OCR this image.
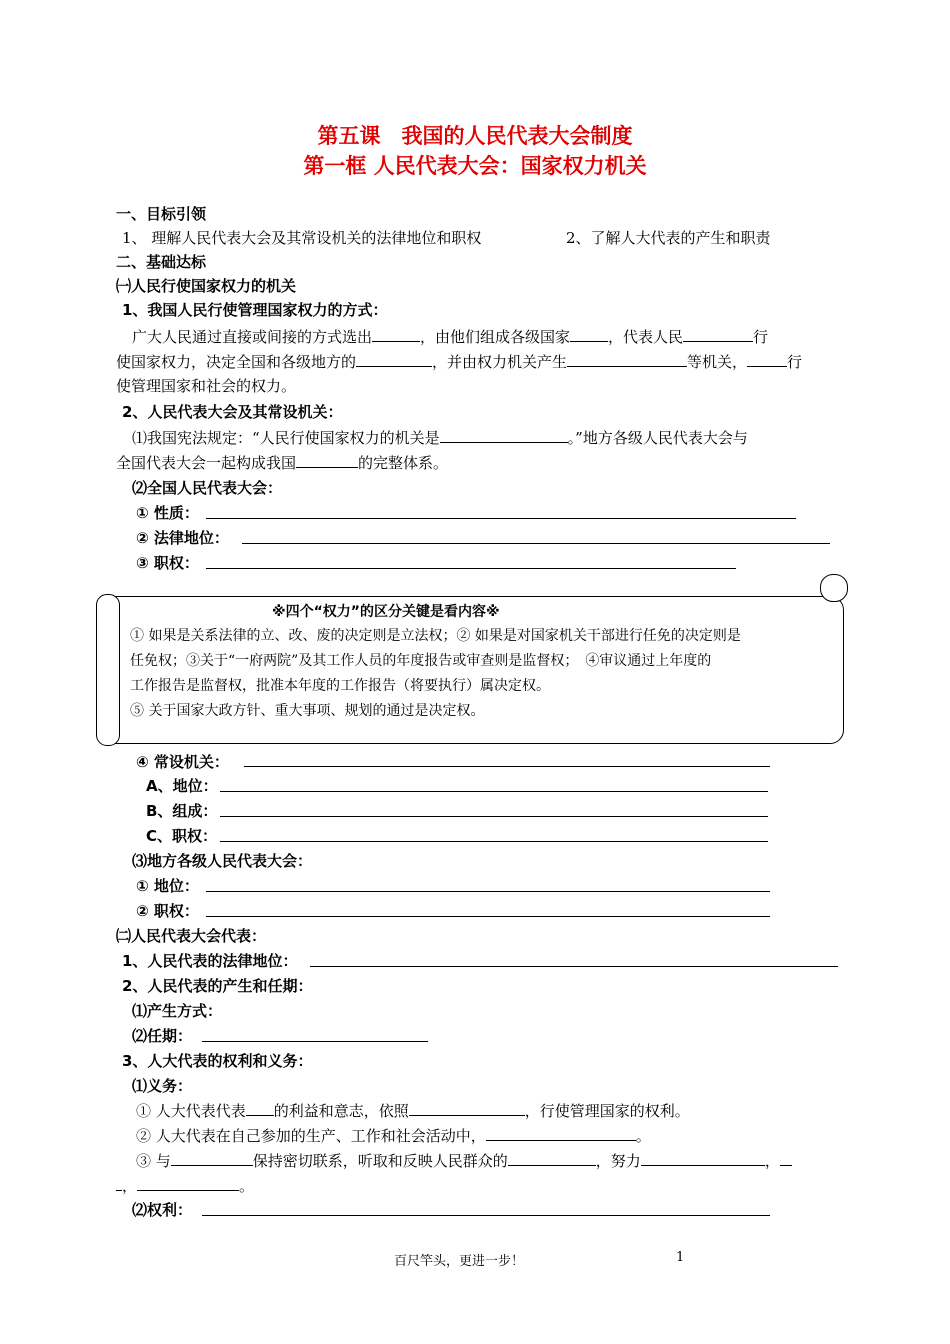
第五课　我国的人民代表大会制度
第一框 人民代表大会：国家权力机关
一、目标引领
1、 理解人民代表大会及其常设机关的法律地位和职权	2、了解人大代表的产生和职责
二、基础达标
㈠人民行使国家权力的机关
1、我国人民行使管理国家权力的方式：
广大人民通过直接或间接的方式选出	，由他们组成各级国家	，代表人民	行
使国家权力，决定全国和各级地方的	，并由权力机关产生	等机关，	行
使管理国家和社会的权力。
2、人民代表大会及其常设机关：
⑴我国宪法规定：“人民行使国家权力的机关是	。”地方各级人民代表大会与
全国代表大会一起构成我国	的完整体系。
⑵全国人民代表大会：
① 性质：
② 法律地位：
③ 职权：
※四个“权力”的区分关键是看内容※
① 如果是关系法律的立、改、废的决定则是立法权；② 如果是对国家机关干部进行任免的决定则是
任免权；③关于“一府两院”及其工作人员的年度报告或审查则是监督权；　④审议通过上年度的
工作报告是监督权，批准本年度的工作报告（将要执行）属决定权。
⑤ 关于国家大政方针、重大事项、规划的通过是决定权。
④ 常设机关：
A、地位：
B、组成：
C、职权：
⑶地方各级人民代表大会：
① 地位：
② 职权：
㈡人民代表大会代表：
1、人民代表的法律地位：
2、人民代表的产生和任期：
⑴产生方式：
⑵任期：
3、人大代表的权利和义务：
⑴义务：
① 人大代表代表 的利益和意志，依照	，行使管理国家的权利。
② 人大代表在自己参加的生产、工作和社会活动中，	。
③ 与	保持密切联系，听取和反映人民群众的	，努力	，
，	。
⑵权利：
百尺竿头，更进一步！	1
